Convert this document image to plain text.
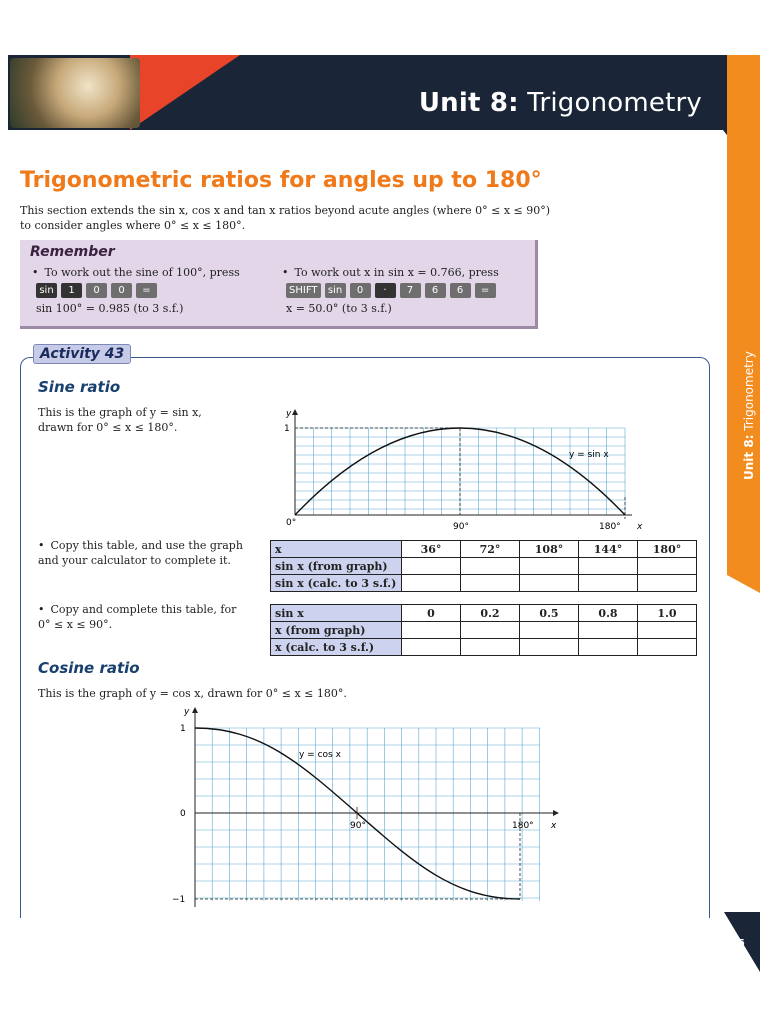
Unit 8: Trigonometry
Unit 8: Trigonometry
Trigonometric ratios for angles up to 180°
This section extends the sin x, cos x and tan x ratios beyond acute angles (where 0° ≤ x ≤ 90°) to consider angles where 0° ≤ x ≤ 180°.
Remember
• To work out the sine of 100°, press
sin	1	0	0	=
sin 100° = 0.985 (to 3 s.f.)
• To work out x in sin x = 0.766, press
SHIFT	sin	0	·	7	6	6	=
x = 50.0° (to 3 s.f.)
Activity 43
Sine ratio
This is the graph of y = sin x, drawn for 0° ≤ x ≤ 180°.
y
1
0°	90°	180° x
y = sin x
• Copy this table, and use the graph and your calculator to complete it.
x	36°	72°	108°	144°	180°
sin x (from graph)					
sin x (calc. to 3 s.f.)					
• Copy and complete this table, for 0° ≤ x ≤ 90°.
sin x	0	0.2	0.5	0.8	1.0
x (from graph)					
x (calc. to 3 s.f.)					
Cosine ratio
This is the graph of y = cos x, drawn for 0° ≤ x ≤ 180°.
y
1
0
−1
90°	180° x
y = cos x
355
